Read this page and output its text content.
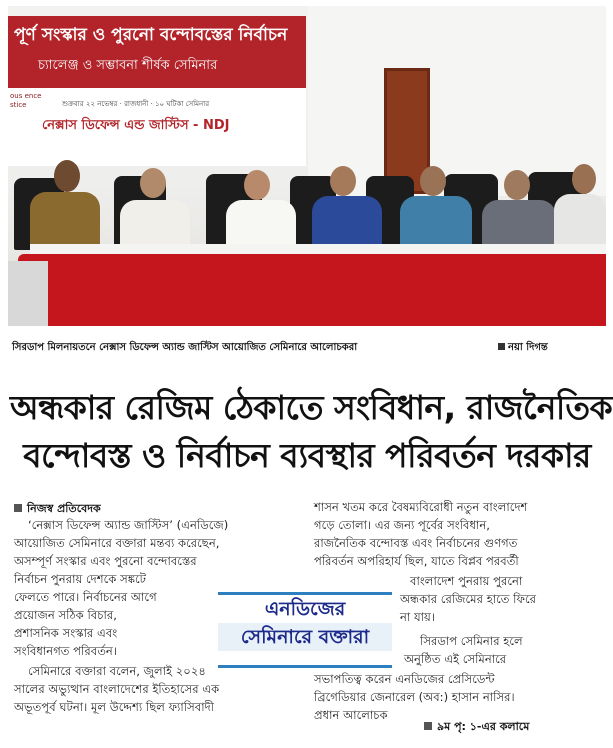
পূর্ণ সংস্কার ও পুরনো বন্দোবস্তের নির্বাচন
চ্যালেঞ্জ ও সম্ভাবনা শীর্ষক সেমিনার
ous ence stice	শুক্রবার ২২ নভেম্বর · রাজধানী · ১০ ঘটিকা সেমিনার
নেক্সাস ডিফেন্স এন্ড জাস্টিস - NDJ
সিরডাপ মিলনায়তনে নেক্সাস ডিফেন্স অ্যান্ড জাস্টিস আয়োজিত সেমিনারে আলোচকরা	নয়া দিগন্ত
অন্ধকার রেজিম ঠেকাতে সংবিধান, রাজনৈতিক
বন্দোবস্ত ও নির্বাচন ব্যবস্থার পরিবর্তন দরকার
নিজস্ব প্রতিবেদক
‘নেক্সাস ডিফেন্স অ্যান্ড জাস্টিস’ (এনডিজে)
আয়োজিত সেমিনারে বক্তারা মন্তব্য করেছেন,
অসম্পূর্ণ সংস্কার এবং পুরনো বন্দোবস্তের
নির্বাচন পুনরায় দেশকে সঙ্কটে
ফেলতে পারে। নির্বাচনের আগে
প্রয়োজন সঠিক বিচার,
প্রশাসনিক সংস্কার এবং
সংবিধানগত পরিবর্তন।
সেমিনারে বক্তারা বলেন, জুলাই ২০২৪
সালের অভ্যুত্থান বাংলাদেশের ইতিহাসের এক
অভূতপূর্ব ঘটনা। মূল উদ্দেশ্য ছিল ফ্যাসিবাদী
শাসন খতম করে বৈষম্যবিরোধী নতুন বাংলাদেশ
গড়ে তোলা। এর জন্য পূর্বের সংবিধান,
রাজনৈতিক বন্দোবস্ত এবং নির্বাচনের গুণগত
পরিবর্তন অপরিহার্য ছিল, যাতে বিপ্লব পরবর্তী
বাংলাদেশ পুনরায় পুরনো
অন্ধকার রেজিমের হাতে ফিরে
না যায়।
সিরডাপ সেমিনার হলে
অনুষ্ঠিত এই সেমিনারে
সভাপতিত্ব করেন এনডিজের প্রেসিডেন্ট
ব্রিগেডিয়ার জেনারেল (অব:) হাসান নাসির।
প্রধান আলোচক
এনডিজের
সেমিনারে বক্তারা
৯ম পৃ: ১-এর কলামে
